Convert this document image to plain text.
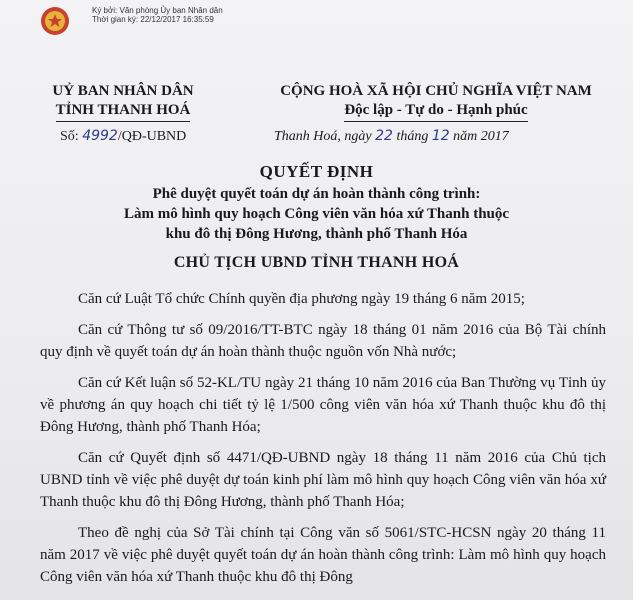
Ký bởi: Văn phòng Ủy ban Nhân dân
Thời gian ký: 22/12/2017 16:35:59
UỶ BAN NHÂN DÂN
TỈNH THANH HOÁ
CỘNG HOÀ XÃ HỘI CHỦ NGHĨA VIỆT NAM
Độc lập - Tự do - Hạnh phúc
Số: 4992/QĐ-UBND	Thanh Hoá, ngày 22 tháng 12 năm 2017
QUYẾT ĐỊNH
Phê duyệt quyết toán dự án hoàn thành công trình:
Làm mô hình quy hoạch Công viên văn hóa xứ Thanh thuộc
khu đô thị Đông Hương, thành phố Thanh Hóa
CHỦ TỊCH UBND TỈNH THANH HOÁ

Căn cứ Luật Tổ chức Chính quyền địa phương ngày 19 tháng 6 năm 2015;

Căn cứ Thông tư số 09/2016/TT-BTC ngày 18 tháng 01 năm 2016 của Bộ Tài chính quy định về quyết toán dự án hoàn thành thuộc nguồn vốn Nhà nước;

Căn cứ Kết luận số 52-KL/TU ngày 21 tháng 10 năm 2016 của Ban Thường vụ Tỉnh ủy về phương án quy hoạch chi tiết tỷ lệ 1/500 công viên văn hóa xứ Thanh thuộc khu đô thị Đông Hương, thành phố Thanh Hóa;

Căn cứ Quyết định số 4471/QĐ-UBND ngày 18 tháng 11 năm 2016 của Chủ tịch UBND tỉnh về việc phê duyệt dự toán kinh phí làm mô hình quy hoạch Công viên văn hóa xứ Thanh thuộc khu đô thị Đông Hương, thành phố Thanh Hóa;

Theo đề nghị của Sở Tài chính tại Công văn số 5061/STC-HCSN ngày 20 tháng 11 năm 2017 về việc phê duyệt quyết toán dự án hoàn thành công trình: Làm mô hình quy hoạch Công viên văn hóa xứ Thanh thuộc khu đô thị Đông
